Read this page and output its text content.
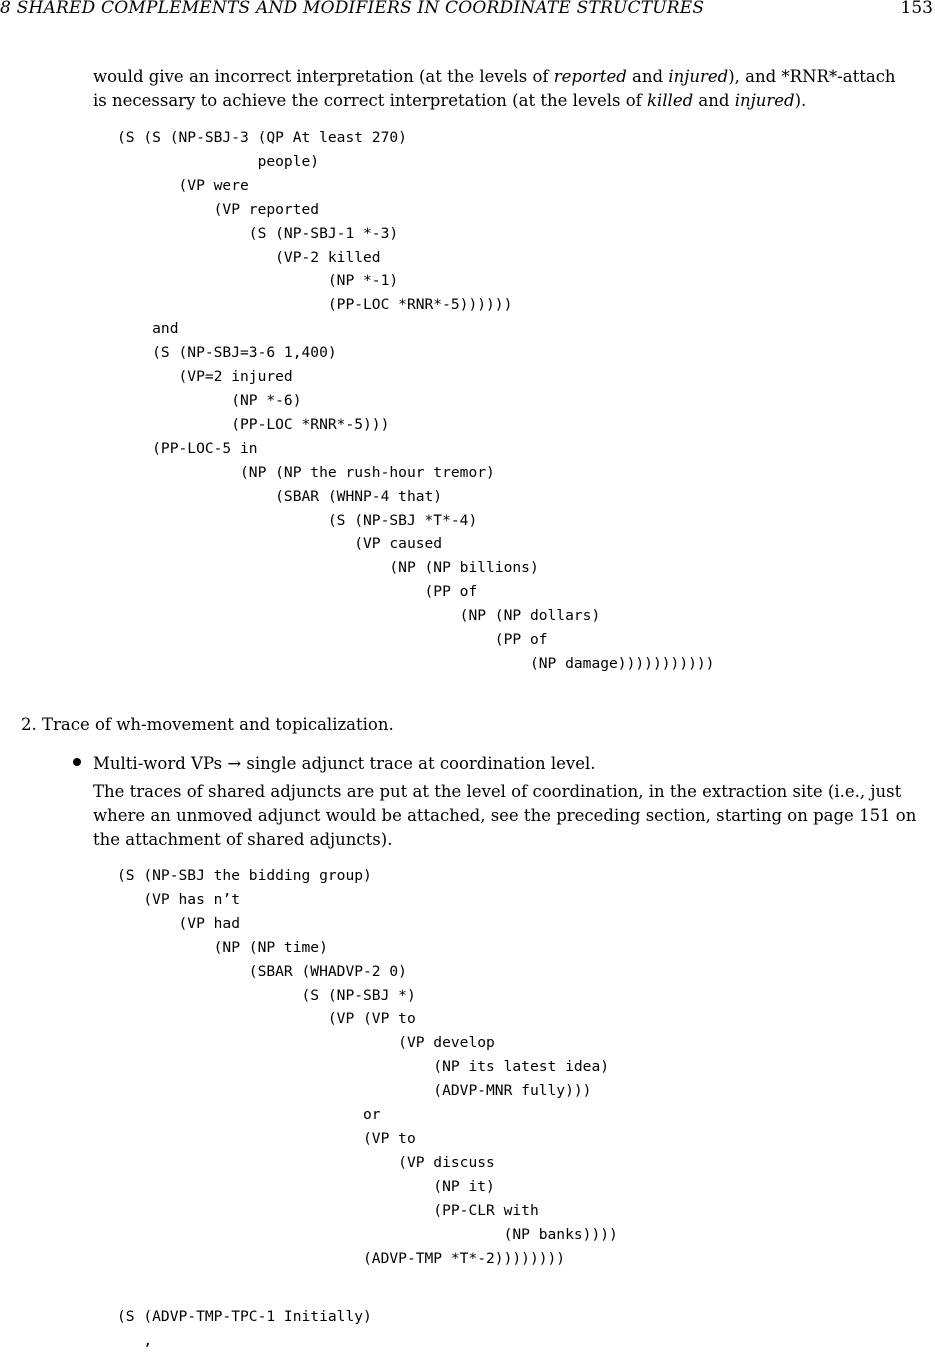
8 SHARED COMPLEMENTS AND MODIFIERS IN COORDINATE STRUCTURES	153
would give an incorrect interpretation (at the levels of reported and injured), and *RNR*-attach
is necessary to achieve the correct interpretation (at the levels of killed and injured).
(S (S (NP-SBJ-3 (QP At least 270)
people)
(VP were
(VP reported
(S (NP-SBJ-1 *-3)
(VP-2 killed
(NP *-1)
(PP-LOC *RNR*-5))))))
and
(S (NP-SBJ=3-6 1,400)
(VP=2 injured
(NP *-6)
(PP-LOC *RNR*-5)))
(PP-LOC-5 in
(NP (NP the rush-hour tremor)
(SBAR (WHNP-4 that)
(S (NP-SBJ *T*-4)
(VP caused
(NP (NP billions)
(PP of
(NP (NP dollars)
(PP of
(NP damage)))))))))))
2. Trace of wh-movement and topicalization.
Multi-word VPs → single adjunct trace at coordination level.
The traces of shared adjuncts are put at the level of coordination, in the extraction site (i.e., just
where an unmoved adjunct would be attached, see the preceding section, starting on page 151 on
the attachment of shared adjuncts).
(S (NP-SBJ the bidding group)
(VP has n’t
(VP had
(NP (NP time)
(SBAR (WHADVP-2 0)
(S (NP-SBJ *)
(VP (VP to
(VP develop
(NP its latest idea)
(ADVP-MNR fully)))
or
(VP to
(VP discuss
(NP it)
(PP-CLR with
(NP banks))))
(ADVP-TMP *T*-2))))))))
(S (ADVP-TMP-TPC-1 Initially)
,
